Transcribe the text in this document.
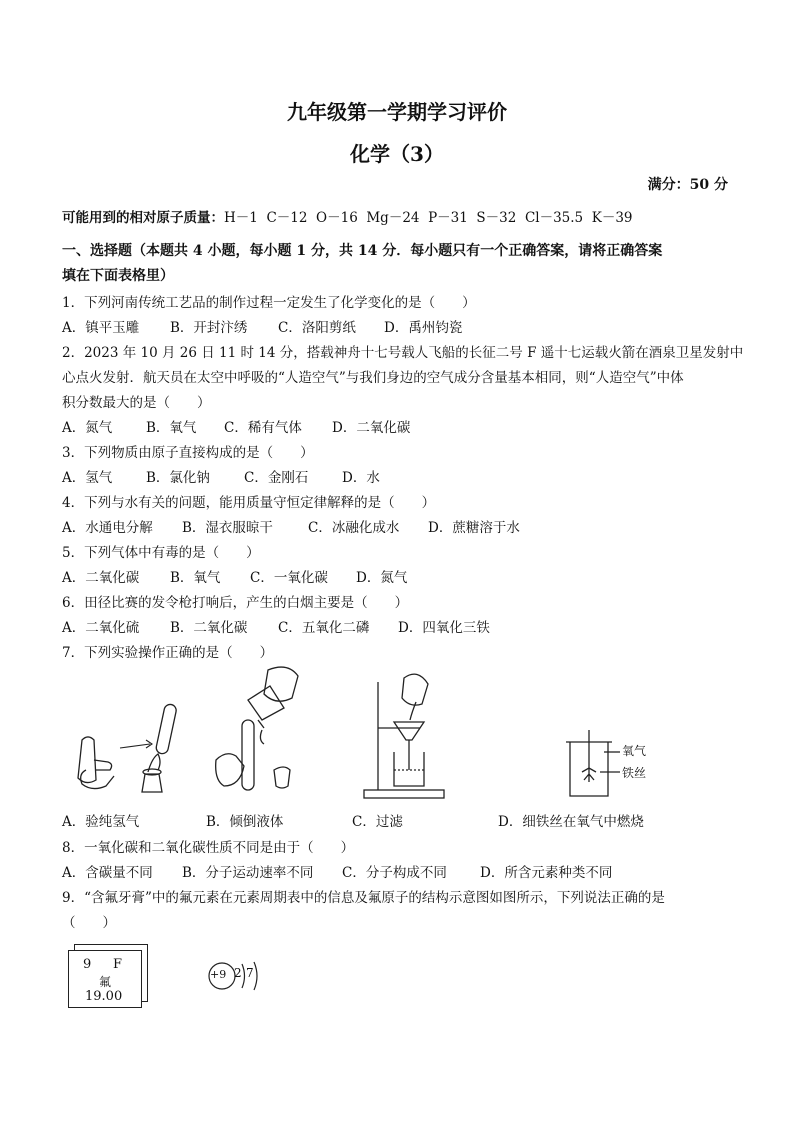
九年级第一学期学习评价
化学（3）
满分：50 分
可能用到的相对原子质量：H－1  C－12  O－16  Mg－24  P－31  S－32  Cl－35.5  K－39
一、选择题（本题共 4 小题，每小题 1 分，共 14 分．每小题只有一个正确答案，请将正确答案
填在下面表格里）
1．下列河南传统工艺品的制作过程一定发生了化学变化的是（　　）
A．镇平玉雕 B．开封汴绣 C．洛阳剪纸 D．禹州钧瓷
2．2023 年 10 月 26 日 11 时 14 分，搭载神舟十七号载人飞船的长征二号 F 遥十七运载火箭在酒泉卫星发射中
心点火发射．航天员在太空中呼吸的“人造空气”与我们身边的空气成分含量基本相同，则“人造空气”中体
积分数最大的是（　　）
A．氮气	B．氧气 C．稀有气体 D．二氧化碳
3．下列物质由原子直接构成的是（　　）
A．氢气	B．氯化钠	C．金刚石 D．水
4．下列与水有关的问题，能用质量守恒定律解释的是（　　）
A．水通电分解 B．湿衣服晾干	C．冰融化成水 D．蔗糖溶于水
5．下列气体中有毒的是（　　）
A．二氧化碳 B．氧气 C．一氧化碳 D．氮气
6．田径比赛的发令枪打响后，产生的白烟主要是（　　）
A．二氧化硫 B．二氧化碳 C．五氧化二磷 D．四氧化三铁
7．下列实验操作正确的是（　　）
氧气
铁丝
A．验纯氢气	B．倾倒液体	C．过滤	D．细铁丝在氧气中燃烧
8．一氧化碳和二氧化碳性质不同是由于（　　）
A．含碳量不同 B．分子运动速率不同 C．分子构成不同 D．所含元素种类不同
9．“含氟牙膏”中的氟元素在元素周期表中的信息及氟原子的结构示意图如图所示，下列说法正确的是
（　　）
9 F
氟
19.00
+9 2 7
